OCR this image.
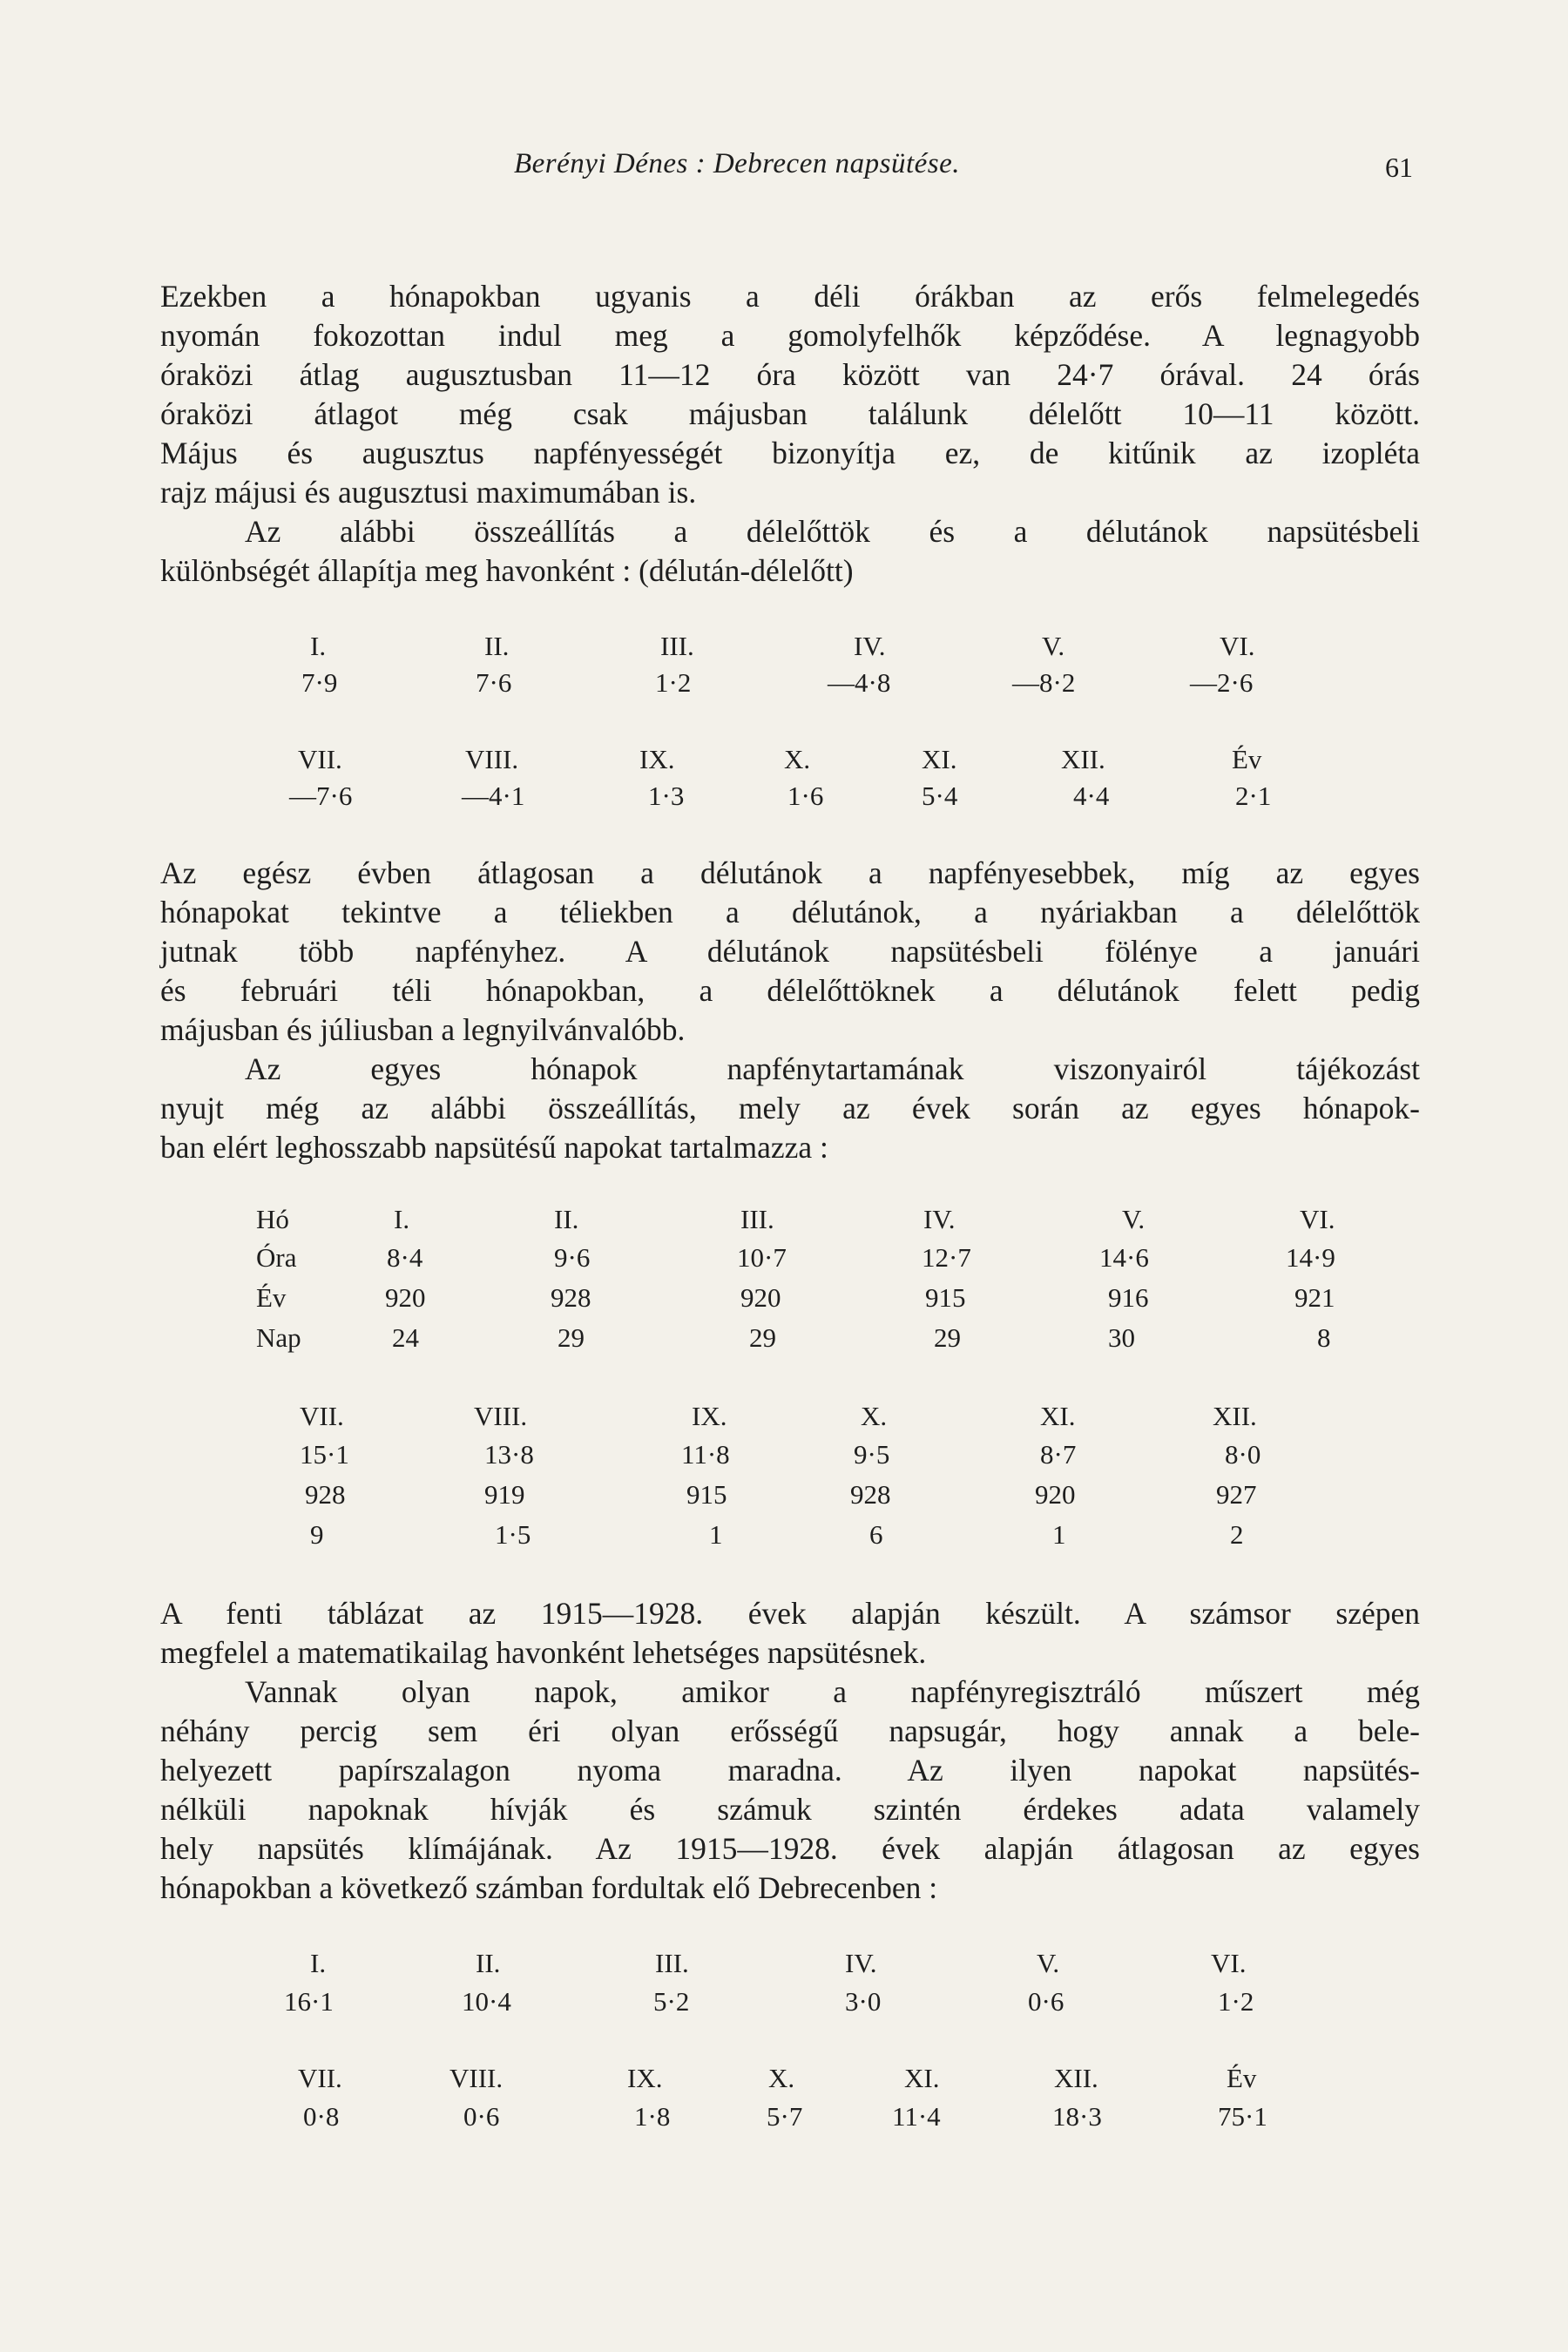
Berényi Dénes : Debrecen napsütése.	61
Ezekben a hónapokban ugyanis a déli órákban az erős felmelegedés
nyomán fokozottan indul meg a gomolyfelhők képződése. A legnagyobb
óraközi átlag augusztusban 11—12 óra között van 24·7 órával. 24 órás
óraközi átlagot még csak májusban találunk délelőtt 10—11 között.
Május és augusztus napfényességét bizonyítja ez, de kitűnik az izopléta
rajz májusi és augusztusi maximumában is.
Az alábbi összeállítás a délelőttök és a délutánok napsütésbeli
különbségét állapítja meg havonként : (délután-délelőtt)
I.	II.	III.	IV.	V.	VI.
7·9	7·6	1·2	—4·8	—8·2	—2·6
VII.	VIII.	IX.	X.	XI.	XII.	Év
—7·6	—4·1	1·3	1·6	5·4	4·4	2·1
Az egész évben átlagosan a délutánok a napfényesebbek, míg az egyes
hónapokat tekintve a téliekben a délutánok, a nyáriakban a délelőttök
jutnak több napfényhez. A délutánok napsütésbeli fölénye a januári
és februári téli hónapokban, a délelőttöknek a délutánok felett pedig
májusban és júliusban a legnyilvánvalóbb.
Az egyes hónapok napfénytartamának viszonyairól tájékozást
nyujt még az alábbi összeállítás, mely az évek során az egyes hónapok-
ban elért leghosszabb napsütésű napokat tartalmazza :
Hó	I.	II.	III.	IV.	V.	VI.
Óra	8·4	9·6	10·7	12·7	14·6	14·9
Év	920	928	920	915	916	921
Nap	24	29	29	29	30	8
VII.	VIII.	IX.	X.	XI.	XII.
15·1	13·8	11·8	9·5	8·7	8·0
928	919	915	928	920	927
9	1·5	1	6	1	2
A fenti táblázat az 1915—1928. évek alapján készült. A számsor szépen
megfelel a matematikailag havonként lehetséges napsütésnek.
Vannak olyan napok, amikor a napfényregisztráló műszert még
néhány percig sem éri olyan erősségű napsugár, hogy annak a bele-
helyezett papírszalagon nyoma maradna. Az ilyen napokat napsütés-
nélküli napoknak hívják és számuk szintén érdekes adata valamely
hely napsütés klímájának. Az 1915—1928. évek alapján átlagosan az egyes
hónapokban a következő számban fordultak elő Debrecenben :
I.	II.	III.	IV.	V.	VI.
16·1	10·4	5·2	3·0	0·6	1·2
VII.	VIII.	IX.	X.	XI.	XII.	Év
0·8	0·6	1·8	5·7	11·4	18·3	75·1
